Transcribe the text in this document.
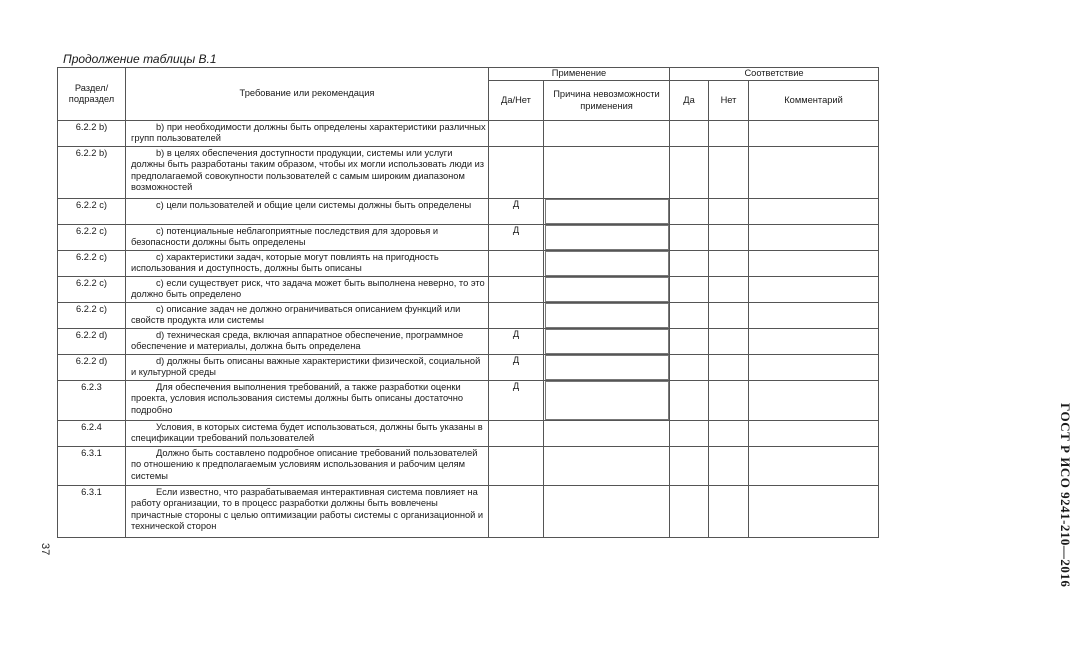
Продолжение таблицы В.1
Раздел/ подраздел	Требование или рекомендация	Применение		Соответствие		
		Да/Нет	Причина невозможности применения	Да	Нет	Комментарий
6.2.2 b)	b) при необходимости должны быть определены характеристики различных групп пользователей					

6.2.2 b)	b) в целях обеспечения доступности продукции, системы или услуги должны быть разработаны таким образом, чтобы их могли использовать люди из предполагаемой совокупности пользователей с самым широким диапазоном возможностей					

6.2.2 c)	c) цели пользователей и общие цели системы должны быть определены	Д	

6.2.2 c)	c) потенциальные неблагоприятные последствия для здоровья и безопасности должны быть определены	Д	

6.2.2 c)	c) характеристики задач, которые могут повлиять на пригодность использования и доступность, должны быть описаны					

6.2.2 c)	c) если существует риск, что задача может быть выполнена неверно, то это должно быть определено					

6.2.2 c)	c) описание задач не должно ограничиваться описанием функций или свойств продукта или системы					

6.2.2 d)	d) техническая среда, включая аппаратное обеспечение, программное обеспечение и материалы, должна быть определена	Д	

6.2.2 d)	d) должны быть описаны важные характеристики физической, социальной и культурной среды	Д	

6.2.3	Для обеспечения выполнения требований, а также разработки оценки проекта, условия использования системы должны быть описаны достаточно подробно	Д	

6.2.4	Условия, в которых система будет использоваться, должны быть указаны в спецификации требований пользователей					

6.3.1	Должно быть составлено подробное описание требований пользователей по отношению к предполагаемым условиям использования и рабочим целям системы					

6.3.1	Если известно, что разрабатываемая интерактивная система повлияет на работу организации, то в процесс разработки должны быть вовлечены причастные стороны с целью оптимизации работы системы с организационной и технической сторон					
						ГОСТ Р ИСО 9241-210—2016
37
